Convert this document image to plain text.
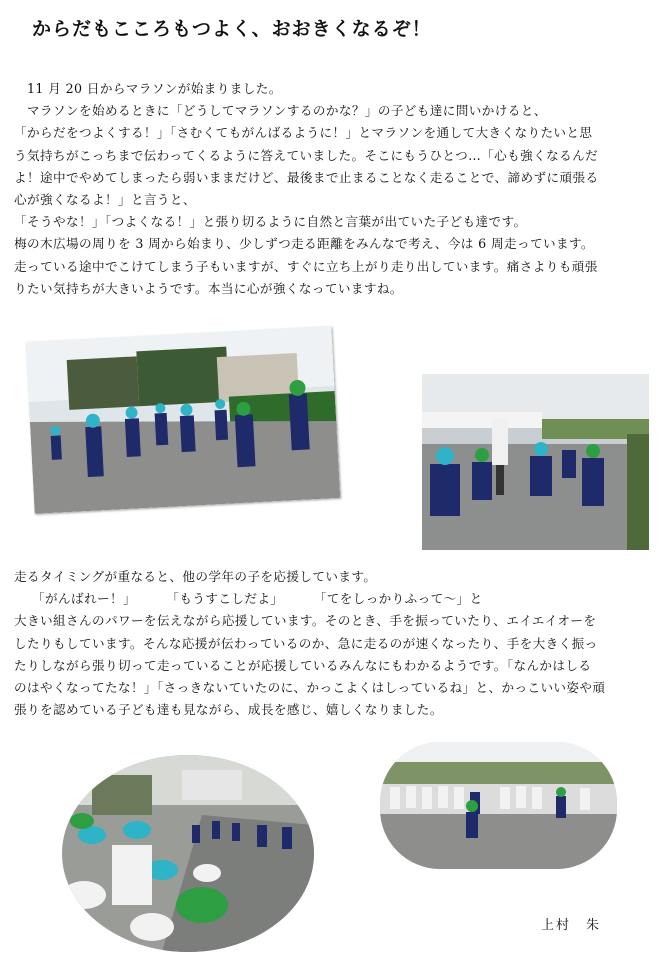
からだもこころもつよく、おおきくなるぞ！

　11 月 20 日からマラソンが始まりました。

　マラソンを始めるときに「どうしてマラソンするのかな？」の子ども達に問いかけると、

「からだをつよくする！」「さむくてもがんばるように！」とマラソンを通して大きくなりたいと思

う気持ちがこっちまで伝わってくるように答えていました。そこにもうひとつ…「心も強くなるんだ

よ！途中でやめてしまったら弱いままだけど、最後まで止まることなく走ることで、諦めずに頑張る

心が強くなるよ！」と言うと、

「そうやな！」「つよくなる！」と張り切るように自然と言葉が出ていた子ども達です。

梅の木広場の周りを 3 周から始まり、少しずつ走る距離をみんなで考え、今は 6 周走っています。

走っている途中でこけてしまう子もいますが、すぐに立ち上がり走り出しています。痛さよりも頑張

りたい気持ちが大きいようです。本当に心が強くなっていますね。

走るタイミングが重なると、他の学年の子を応援しています。

「がんばれー！」 「もうすこしだよ」 「てをしっかりふって～」と

大きい組さんのパワーを伝えながら応援しています。そのとき、手を振っていたり、エイエイオーを

したりもしています。そんな応援が伝わっているのか、急に走るのが速くなったり、手を大きく振っ

たりしながら張り切って走っていることが応援しているみんなにもわかるようです。「なんかはしる

のはやくなってたな！」「さっきないていたのに、かっこよくはしっているね」と、かっこいい姿や頑

張りを認めている子ども達も見ながら、成長を感じ、嬉しくなりました。

上村　朱
